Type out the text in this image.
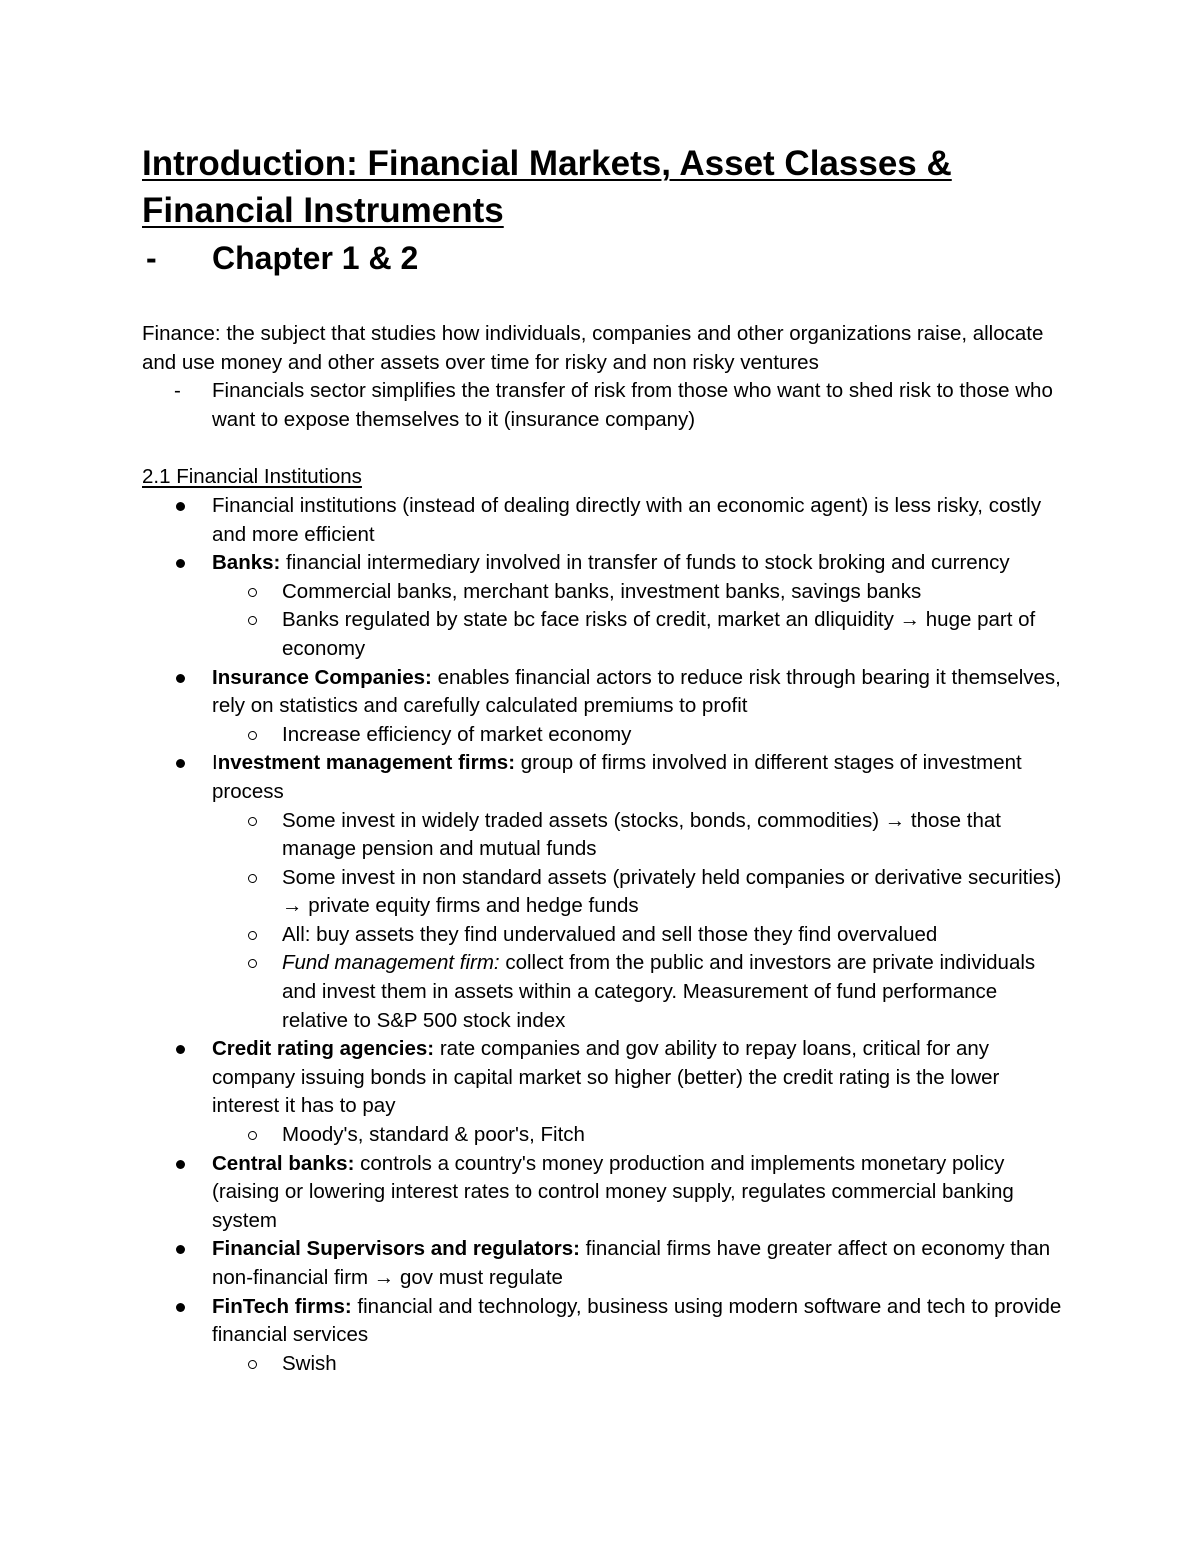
Introduction: Financial Markets, Asset Classes &
Financial Instruments
- Chapter 1 & 2

Finance: the subject that studies how individuals, companies and other organizations raise, allocate and use money and other assets over time for risky and non risky ventures

- Financials sector simplifies the transfer of risk from those who want to shed risk to those who want to expose themselves to it (insurance company)

2.1 Financial Institutions

Financial institutions (instead of dealing directly with an economic agent) is less risky, costly and more efficient
Banks: financial intermediary involved in transfer of funds to stock broking and currency
Commercial banks, merchant banks, investment banks, savings banks
Banks regulated by state bc face risks of credit, market an dliquidity → huge part of economy
Insurance Companies: enables financial actors to reduce risk through bearing it themselves, rely on statistics and carefully calculated premiums to profit
Increase efficiency of market economy
Investment management firms: group of firms involved in different stages of investment process
Some invest in widely traded assets (stocks, bonds, commodities) → those that manage pension and mutual funds
Some invest in non standard assets (privately held companies or derivative securities) → private equity firms and hedge funds
All: buy assets they find undervalued and sell those they find overvalued
Fund management firm: collect from the public and investors are private individuals and invest them in assets within a category. Measurement of fund performance relative to S&P 500 stock index
Credit rating agencies: rate companies and gov ability to repay loans, critical for any company issuing bonds in capital market so higher (better) the credit rating is the lower interest it has to pay
Moody's, standard & poor's, Fitch
Central banks: controls a country's money production and implements monetary policy (raising or lowering interest rates to control money supply, regulates commercial banking system
Financial Supervisors and regulators: financial firms have greater affect on economy than non-financial firm → gov must regulate
FinTech firms: financial and technology, business using modern software and tech to provide financial services
Swish
